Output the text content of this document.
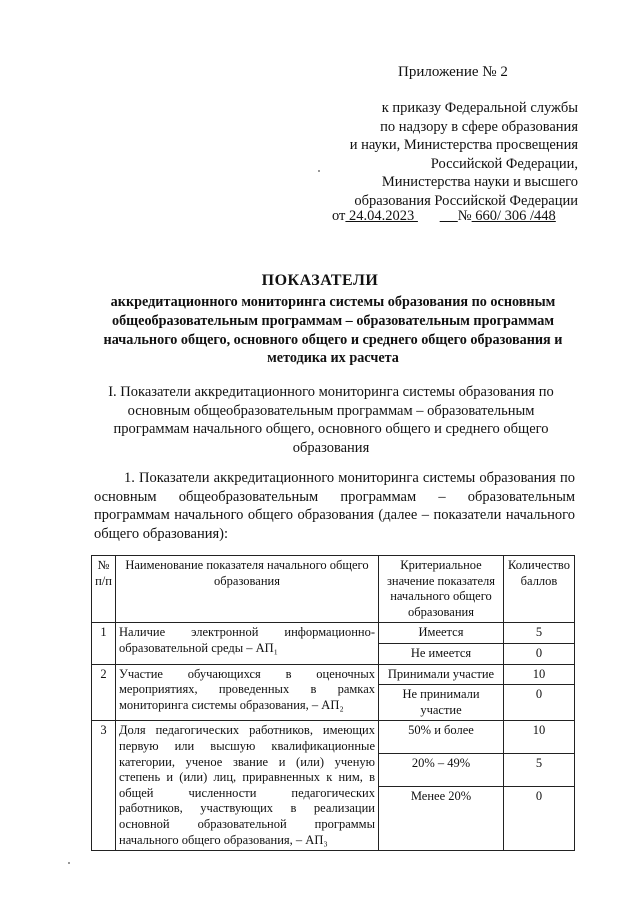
Приложение № 2
к приказу Федеральной службы
по надзору в сфере образования
и науки, Министерства просвещения
Российской Федерации,
Министерства науки и высшего
образования Российской Федерации
от 24.04.2023	№ 660/ 306 /448
ПОКАЗАТЕЛИ
аккредитационного мониторинга системы образования по основным общеобразовательным программам – образовательным программам начального общего, основного общего и среднего общего образования и методика их расчета
I. Показатели аккредитационного мониторинга системы образования по основным общеобразовательным программам – образовательным программам начального общего, основного общего и среднего общего образования
1. Показатели аккредитационного мониторинга системы образования по основным общеобразовательным программам – образовательным программам начального общего образования (далее – показатели начального общего образования):
№ п/п	Наименование показателя начального общего образования	Критериальное значение показателя начального общего образования	Количество баллов
1	Наличие электронной информационно-образовательной среды – АП₁	Имеется	5
		Не имеется	0
2	Участие обучающихся в оценочных мероприятиях, проведенных в рамках мониторинга системы образования, – АП₂	Принимали участие	10
		Не принимали участие	0
3	Доля педагогических работников, имеющих первую или высшую квалификационные категории, ученое звание и (или) ученую степень и (или) лиц, приравненных к ним, в общей численности педагогических работников, участвующих в реализации основной образовательной программы начального общего образования, – АП₃	50% и более	10
		20% – 49%	5
		Менее 20%	0
